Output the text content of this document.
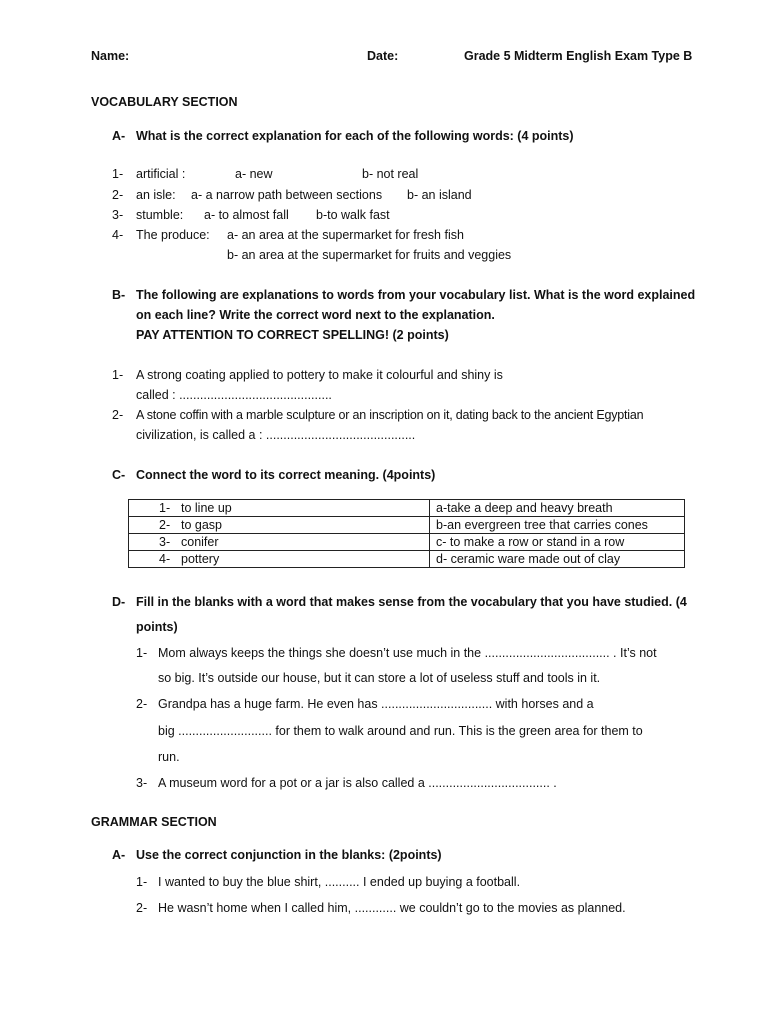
Name:	Date:	Grade 5 Midterm English Exam Type B
VOCABULARY SECTION
A- What is the correct explanation for each of the following words: (4 points)
1- artificial :	a- new	b- not real
2- an isle: a- a narrow path between sections b- an island
3- stumble: a- to almost fall b-to walk fast
4- The produce: a- an area at the supermarket for fresh fish
b- an area at the supermarket for fruits and veggies
B- The following are explanations to words from your vocabulary list. What is the word explained
on each line? Write the correct word next to the explanation.
PAY ATTENTION TO CORRECT SPELLING! (2 points)
1- A strong coating applied to pottery to make it colourful and shiny is
called : ............................................
2- A stone coffin with a marble sculpture or an inscription on it, dating back to the ancient Egyptian
civilization, is called a : ...........................................
C- Connect the word to its correct meaning. (4points)
1- to line up	a-take a deep and heavy breath
2- to gasp	b-an evergreen tree that carries cones
3- conifer	c- to make a row or stand in a row
4- pottery	d- ceramic ware made out of clay
D- Fill in the blanks with a word that makes sense from the vocabulary that you have studied. (4
points)
1- Mom always keeps the things she doesn’t use much in the .................................... . It’s not
so big. It’s outside our house, but it can store a lot of useless stuff and tools in it.
2- Grandpa has a huge farm. He even has ................................ with horses and a
big ........................... for them to walk around and run. This is the green area for them to
run.
3- A museum word for a pot or a jar is also called a ................................... .
GRAMMAR SECTION
A- Use the correct conjunction in the blanks: (2points)
1- I wanted to buy the blue shirt, .......... I ended up buying a football.
2- He wasn’t home when I called him, ............ we couldn’t go to the movies as planned.
